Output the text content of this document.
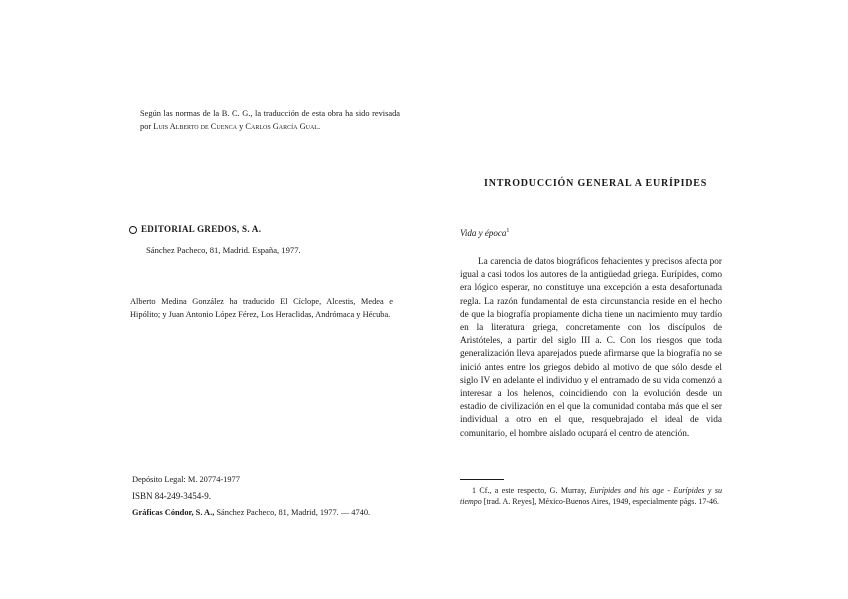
Según las normas de la B. C. G., la traducción de esta obra ha sido revisada por Luis Alberto de Cuenca y Carlos García Gual.
EDITORIAL GREDOS, S. A.
Sánchez Pacheco, 81, Madrid. España, 1977.
Alberto Medina González ha traducido El Cíclope, Alcestis, Medea e Hipólito; y Juan Antonio López Férez, Los Heraclidas, Andrómaca y Hécuba.
Depósito Legal: M. 20774-1977
ISBN 84-249-3454-9.
Gráficas Cóndor, S. A., Sánchez Pacheco, 81, Madrid, 1977. — 4740.
INTRODUCCIÓN GENERAL A EURÍPIDES
Vida y época$^1$

La carencia de datos biográficos fehacientes y precisos afecta por igual a casi todos los autores de la antigüedad griega. Eurípides, como era lógico esperar, no constituye una excepción a esta desafortunada regla. La razón fundamental de esta circunstancia reside en el hecho de que la biografía propiamente dicha tiene un nacimiento muy tardío en la literatura griega, concretamente con los discípulos de Aristóteles, a partir del siglo III a. C. Con los riesgos que toda generalización lleva aparejados puede afirmarse que la biografía no se inició antes entre los griegos debido al motivo de que sólo desde el siglo IV en adelante el individuo y el entramado de su vida comenzó a interesar a los helenos, coincidiendo con la evolución desde un estadio de civilización en el que la comunidad contaba más que el ser individual a otro en el que, resquebrajado el ideal de vida comunitario, el hombre aislado ocupará el centro de atención.

1 Cf., a este respecto, G. Murray, Eurípides and his age - Eurípides y su tiempo [trad. A. Reyes], México-Buenos Aires, 1949, especialmente págs. 17-46.
